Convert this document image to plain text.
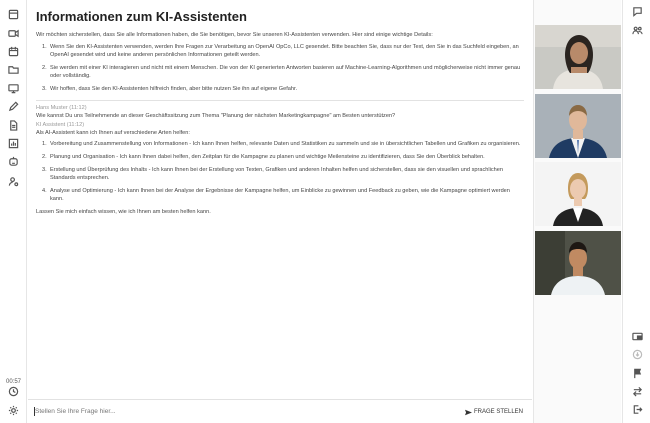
00:57
Informationen zum KI-Assistenten

Wir möchten sicherstellen, dass Sie alle Informationen haben, die Sie benötigen, bevor Sie unseren KI-Assistenten verwenden. Hier sind einige wichtige Details:

1. Wenn Sie den KI-Assistenten verwenden, werden Ihre Fragen zur Verarbeitung an OpenAI OpCo, LLC gesendet. Bitte beachten Sie, dass nur der Text, den Sie in das Suchfeld eingeben, an OpenAI gesendet wird und keine anderen persönlichen Informationen geteilt werden.
2. Sie werden mit einer KI interagieren und nicht mit einem Menschen. Die von der KI generierten Antworten basieren auf Machine-Learning-Algorithmen und möglicherweise nicht immer genau oder vollständig.
3. Wir hoffen, dass Sie den KI-Assistenten hilfreich finden, aber bitte nutzen Sie ihn auf eigene Gefahr.

Hans Muster (11:12)

Wie kannst Du uns Teilnehmende an dieser Geschäftssitzung zum Thema "Planung der nächsten Marketingkampagne" am Besten unterstützen?

KI Assistent (11:12)

Als AI-Assistent kann ich Ihnen auf verschiedene Arten helfen:

1. Vorbereitung und Zusammenstellung von Informationen - Ich kann Ihnen helfen, relevante Daten und Statistiken zu sammeln und sie in übersichtlichen Tabellen und Grafiken zu organisieren.
2. Planung und Organisation - Ich kann Ihnen dabei helfen, den Zeitplan für die Kampagne zu planen und wichtige Meilensteine zu identifizieren, dass Sie den Überblick behalten.
3. Erstellung und Überprüfung des Inhalts - Ich kann Ihnen bei der Erstellung von Texten, Grafiken und anderen Inhalten helfen und sicherstellen, dass sie den visuellen und sprachlichen Standards entsprechen.
4. Analyse und Optimierung - Ich kann Ihnen bei der Analyse der Ergebnisse der Kampagne helfen, um Einblicke zu gewinnen und Feedback zu geben, wie die Kampagne optimiert werden kann.

Lassen Sie mich einfach wissen, wie ich Ihnen am besten helfen kann.

Stellen Sie Ihre Frage hier...	FRAGE STELLEN
